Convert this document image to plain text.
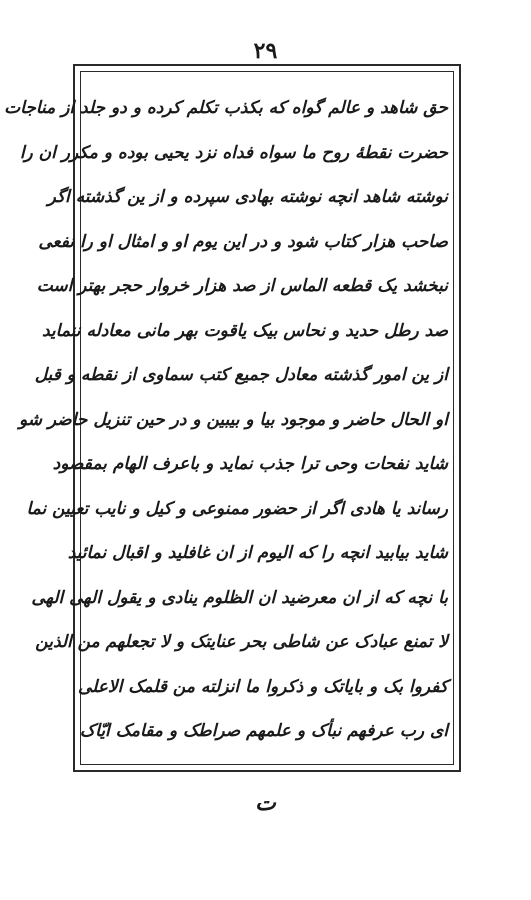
۲۹
حق شاهد و عالم گواه که بکذب تکلم کرده و دو جلد از مناجات
حضرت نقطهٔ روح ما سواه فداه نزد یحیی بوده و مکرر ان را
نوشته شاهد انچه نوشته بهادی سپرده و از ین گذشته اگر
صاحب هزار کتاب شود و در این یوم او و امثال او را نفعی
نبخشد یک قطعه الماس از صد هزار خروار حجر بهتر است
صد رطل حدید و نحاس بیک یاقوت بهر مانی معادله ننماید
از ین امور گذشته معادل جمیع کتب سماوی از نقطه و قبل
او الحال حاضر و موجود بیا و بیبین و در حین تنزیل حاضر شو
شاید نفحات وحی ترا جذب نماید و باعرف الهام بمقصود
رساند یا هادی اگر از حضور ممنوعی و کیل و نایب تعیین نما
شاید بیابید انچه را که الیوم از ان غافلید و اقبال نمائید
با نچه که از ان معرضید ان الظلوم ینادی و یقول الهی الهی
لا تمنع عبادک عن شاطی بحر عنایتک و لا تجعلهم من الذین
کفروا بک و بایاتک و ذکروا ما انزلته من قلمک الاعلی
ای رب عرفهم نبأک و علمهم صراطک و مقامک ایّاک
ت
